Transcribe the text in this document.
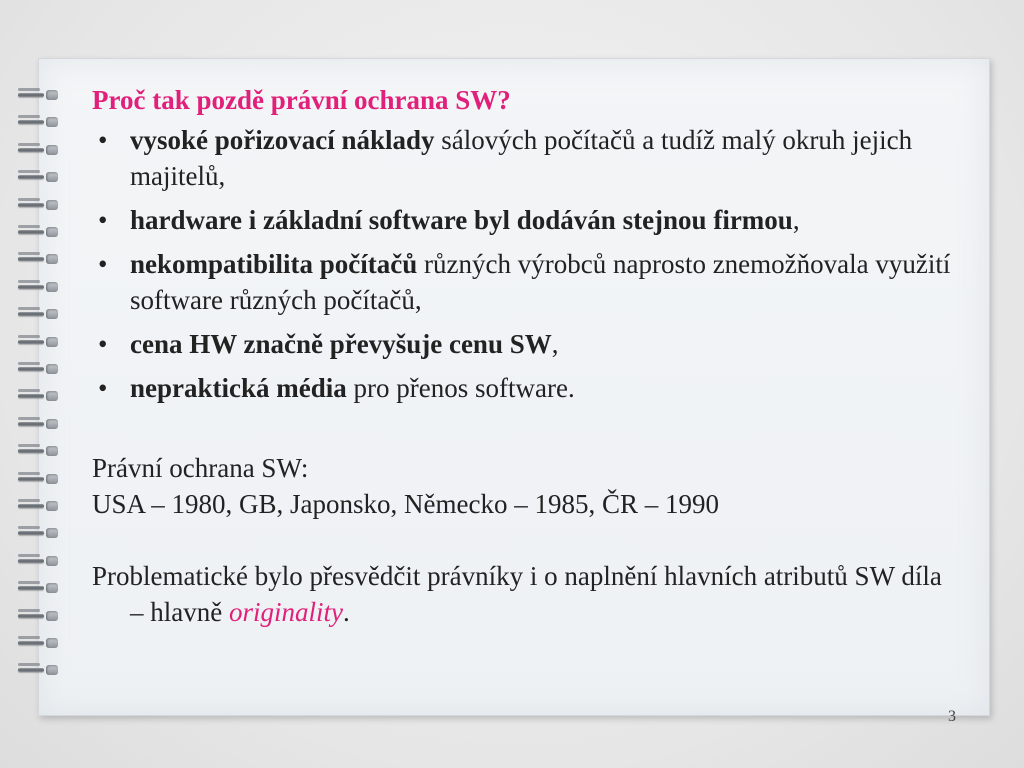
Proč tak pozdě právní ochrana SW?

• vysoké pořizovací náklady sálových počítačů a tudíž malý okruh jejich majitelů,
• hardware i základní software byl dodáván stejnou firmou,
• nekompatibilita počítačů různých výrobců naprosto znemožňovala využití software různých počítačů,
• cena HW značně převyšuje cenu SW,
• nepraktická média pro přenos software.

Právní ochrana SW:

USA – 1980, GB, Japonsko, Německo – 1985, ČR – 1990

Problematické bylo přesvědčit právníky i o naplnění hlavních atributů SW díla – hlavně originality.

3
